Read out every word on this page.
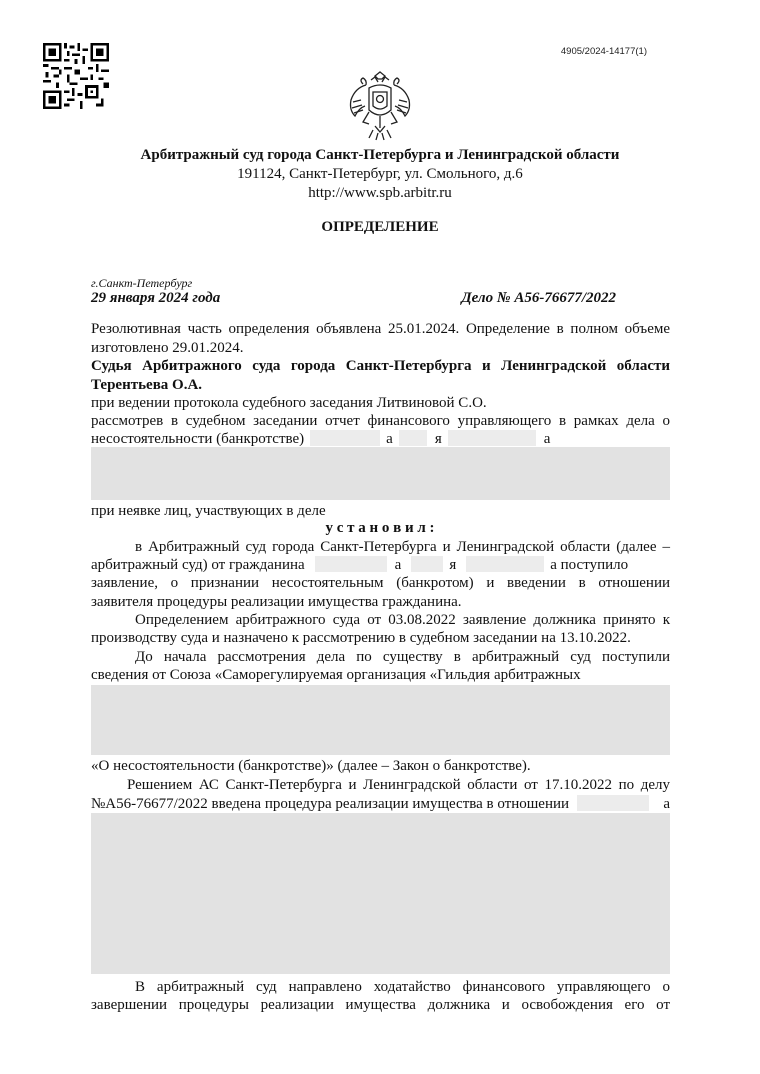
4905/2024-14177(1)
Арбитражный суд города Санкт-Петербурга и Ленинградской области
191124, Санкт-Петербург, ул. Смольного, д.6
http://www.spb.arbitr.ru
ОПРЕДЕЛЕНИЕ
г.Санкт-Петербург
29 января 2024 года	Дело № А56-76677/2022
Резолютивная часть определения объявлена 25.01.2024. Определение в полном объеме
изготовлено 29.01.2024.
Судья Арбитражного суда города Санкт-Петербурга и Ленинградской области
Терентьева О.А.
при ведении протокола судебного заседания Литвиновой С.О.
рассмотрев в судебном заседании отчет финансового управляющего в рамках дела о
несостоятельности (банкротстве)	а	я	а
при неявке лиц, участвующих в деле
у с т а н о в и л :
в Арбитражный суд города Санкт-Петербурга и Ленинградской области (далее –
арбитражный суд) от гражданина	а	я	а поступило
заявление, о признании несостоятельным (банкротом) и введении в отношении
заявителя процедуры реализации имущества гражданина.
Определением арбитражного суда от 03.08.2022 заявление должника принято к
производству суда и назначено к рассмотрению в судебном заседании на 13.10.2022.
До начала рассмотрения дела по существу в арбитражный суд поступили
сведения от Союза «Саморегулируемая организация «Гильдия арбитражных
«О несостоятельности (банкротстве)» (далее – Закон о банкротстве).
Решением АС Санкт-Петербурга и Ленинградской области от 17.10.2022 по делу
№А56-76677/2022 введена процедура реализации имущества в отношении	а
В арбитражный суд направлено ходатайство финансового управляющего о
завершении процедуры реализации имущества должника и освобождения его от
